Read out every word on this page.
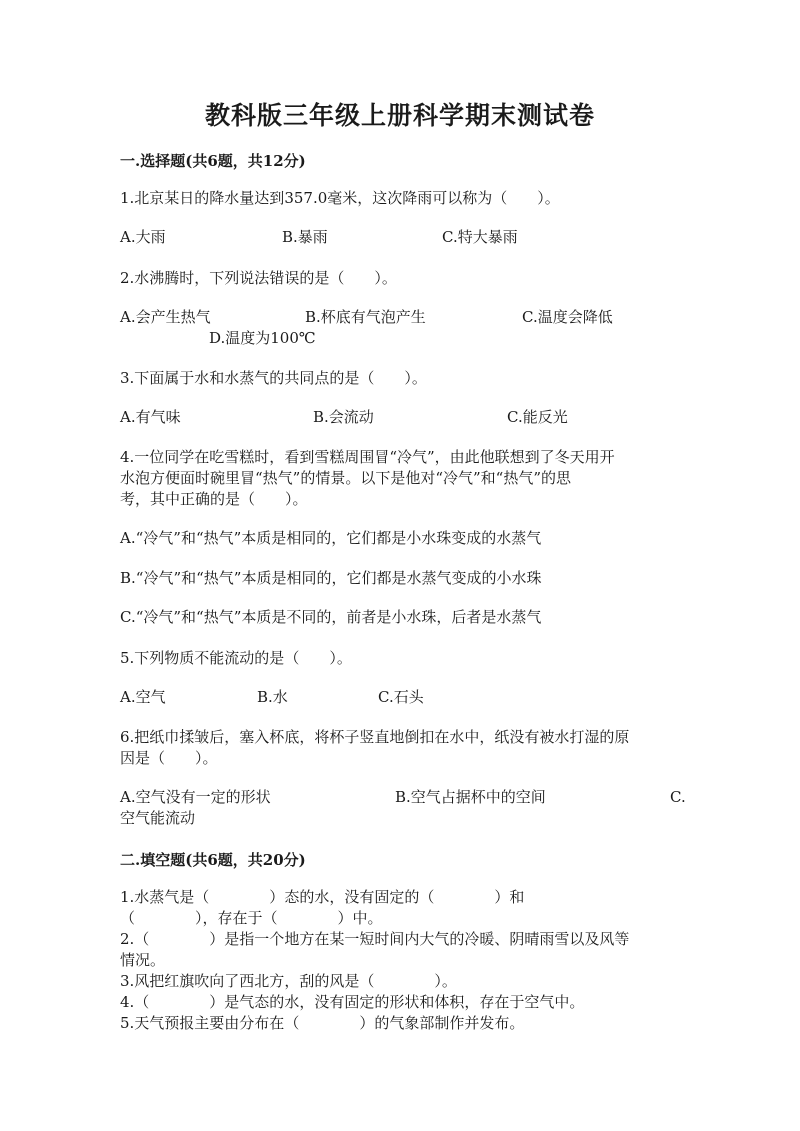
教科版三年级上册科学期末测试卷
一.选择题(共6题，共12分)
1.北京某日的降水量达到357.0毫米，这次降雨可以称为（　　）。
A.大雨	B.暴雨	C.特大暴雨
2.水沸腾时，下列说法错误的是（　　）。
A.会产生热气	B.杯底有气泡产生	C.温度会降低
D.温度为100℃
3.下面属于水和水蒸气的共同点的是（　　）。
A.有气味	B.会流动	C.能反光
4.一位同学在吃雪糕时，看到雪糕周围冒“冷气”，由此他联想到了冬天用开
水泡方便面时碗里冒“热气”的情景。以下是他对“冷气”和“热气”的思
考，其中正确的是（　　）。
A.“冷气”和“热气”本质是相同的，它们都是小水珠变成的水蒸气
B.“冷气”和“热气”本质是相同的，它们都是水蒸气变成的小水珠
C.“冷气”和“热气”本质是不同的，前者是小水珠，后者是水蒸气
5.下列物质不能流动的是（　　）。
A.空气	B.水	C.石头
6.把纸巾揉皱后，塞入杯底，将杯子竖直地倒扣在水中，纸没有被水打湿的原
因是（　　）。
A.空气没有一定的形状	B.空气占据杯中的空间	C.
空气能流动
二.填空题(共6题，共20分)
1.水蒸气是（　　　　）态的水，没有固定的（　　　　）和
（　　　　），存在于（　　　　）中。
2.（　　　　）是指一个地方在某一短时间内大气的冷暖、阴晴雨雪以及风等
情况。
3.风把红旗吹向了西北方，刮的风是（　　　　）。
4.（　　　　）是气态的水，没有固定的形状和体积，存在于空气中。
5.天气预报主要由分布在（　　　　）的气象部制作并发布。
